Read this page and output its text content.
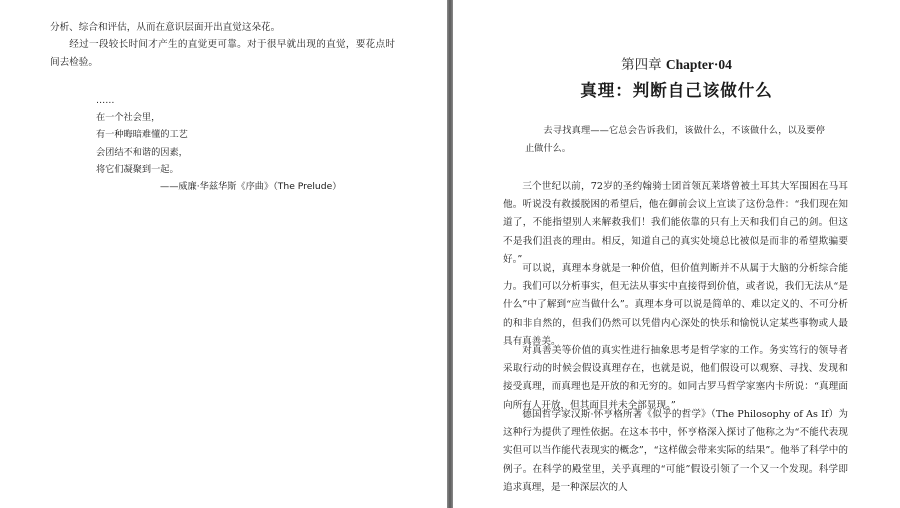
分析、综合和评估，从而在意识层面开出直觉这朵花。

经过一段较长时间才产生的直觉更可靠。对于很早就出现的直觉，要花点时间去检验。

……
在一个社会里，
有一种晦暗难懂的工艺
会团结不和谐的因素，
将它们凝聚到一起。
——威廉·华兹华斯《序曲》（The Prelude）
第四章 Chapter·04
真理：判断自己该做什么
去寻找真理——它总会告诉我们，该做什么，不该做什么，以及要停止做什么。

三个世纪以前，72岁的圣约翰骑士团首领瓦莱塔曾被土耳其大军围困在马耳他。听说没有救援脱困的希望后，他在御前会议上宣读了这份急件：“我们现在知道了，不能指望别人来解救我们！我们能依靠的只有上天和我们自己的剑。但这不是我们沮丧的理由。相反，知道自己的真实处境总比被似是而非的希望欺骗要好。”

可以说，真理本身就是一种价值，但价值判断并不从属于大脑的分析综合能力。我们可以分析事实，但无法从事实中直接得到价值，或者说，我们无法从“是什么”中了解到“应当做什么”。真理本身可以说是简单的、难以定义的、不可分析的和非自然的，但我们仍然可以凭借内心深处的快乐和愉悦认定某些事物或人最具有真善美。

对真善美等价值的真实性进行抽象思考是哲学家的工作。务实笃行的领导者采取行动的时候会假设真理存在，也就是说，他们假设可以观察、寻找、发现和接受真理，而真理也是开放的和无穷的。如同古罗马哲学家塞内卡所说：“真理面向所有人开放，但其面目并未全部显现。”

德国哲学家汉斯·怀亨格所著《似乎的哲学》（The Philosophy of As If）为这种行为提供了理性依据。在这本书中，怀亨格深入探讨了他称之为“不能代表现实但可以当作能代表现实的概念”，“这样做会带来实际的结果”。他举了科学中的例子。在科学的殿堂里，关乎真理的“可能”假设引领了一个又一个发现。科学即追求真理，是一种深层次的人
